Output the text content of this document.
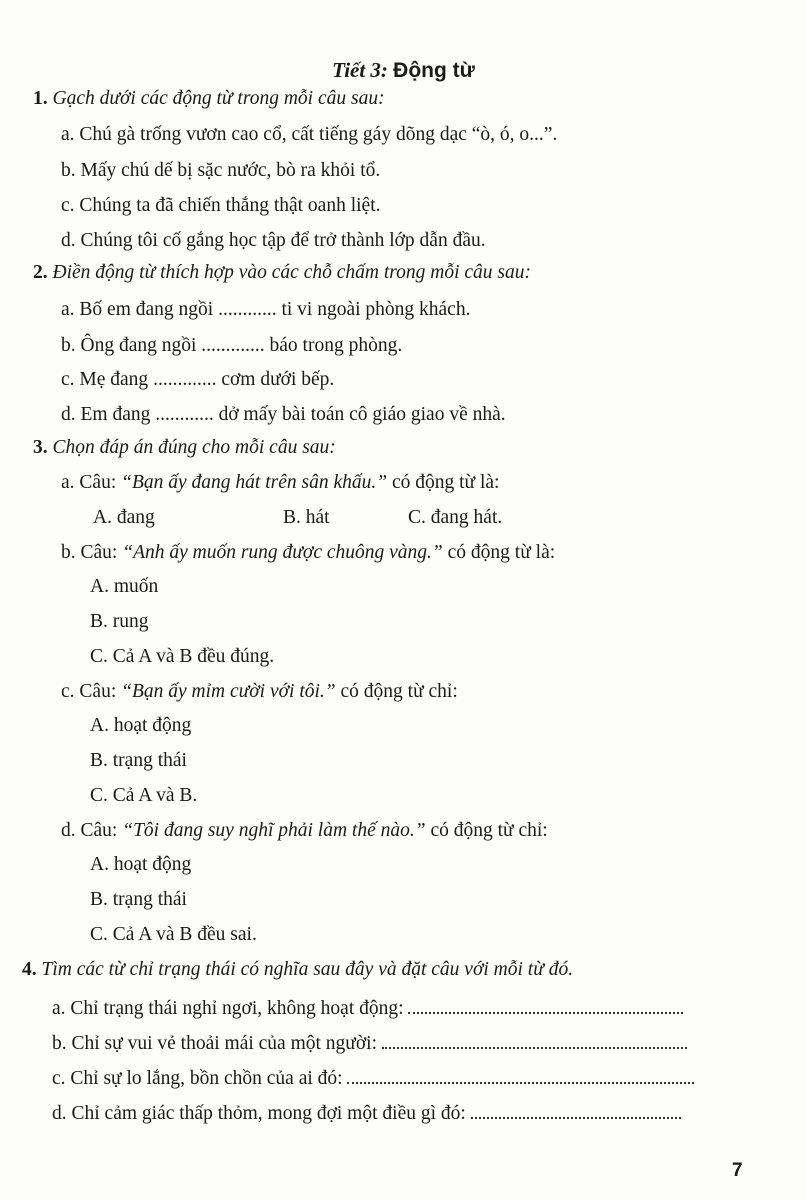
Tiết 3: Động từ
1. Gạch dưới các động từ trong mỗi câu sau:
a. Chú gà trống vươn cao cổ, cất tiếng gáy dõng dạc “ò, ó, o...”.
b. Mấy chú dế bị sặc nước, bò ra khỏi tổ.
c. Chúng ta đã chiến thắng thật oanh liệt.
d. Chúng tôi cố gắng học tập để trở thành lớp dẫn đầu.
2. Điền động từ thích hợp vào các chỗ chấm trong mỗi câu sau:
a. Bố em đang ngồi ............ ti vi ngoài phòng khách.
b. Ông đang ngồi ............. báo trong phòng.
c. Mẹ đang ............. cơm dưới bếp.
d. Em đang ............ dở mấy bài toán cô giáo giao về nhà.
3. Chọn đáp án đúng cho mỗi câu sau:
a. Câu: “Bạn ấy đang hát trên sân khấu.” có động từ là:
A. đang	B. hát	C. đang hát.
b. Câu: “Anh ấy muốn rung được chuông vàng.” có động từ là:
A. muốn
B. rung
C. Cả A và B đều đúng.
c. Câu: “Bạn ấy mỉm cười với tôi.” có động từ chỉ:
A. hoạt động
B. trạng thái
C. Cả A và B.
d. Câu: “Tôi đang suy nghĩ phải làm thế nào.” có động từ chỉ:
A. hoạt động
B. trạng thái
C. Cả A và B đều sai.
4. Tìm các từ chỉ trạng thái có nghĩa sau đây và đặt câu với mỗi từ đó.
a. Chỉ trạng thái nghỉ ngơi, không hoạt động:
b. Chỉ sự vui vẻ thoải mái của một người:
c. Chỉ sự lo lắng, bồn chồn của ai đó:
d. Chỉ cảm giác thấp thỏm, mong đợi một điều gì đó:
7
